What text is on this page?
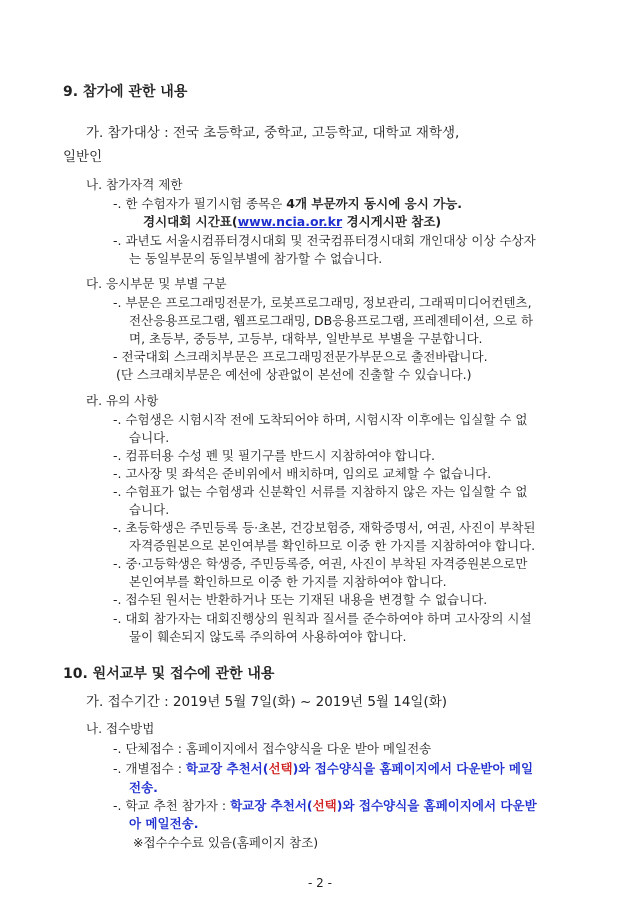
9. 참가에 관한 내용
가. 참가대상 : 전국 초등학교, 중학교, 고등학교, 대학교 재학생,
일반인
나. 참가자격 제한
-. 한 수험자가 필기시험 종목은 4개 부문까지 동시에 응시 가능.
경시대회 시간표(www.ncia.or.kr 경시게시판 참조)
-. 과년도 서울시컴퓨터경시대회 및 전국컴퓨터경시대회 개인대상 이상 수상자
는 동일부문의 동일부별에 참가할 수 없습니다.
다. 응시부문 및 부별 구분
-. 부문은 프로그래밍전문가, 로봇프로그래밍, 정보관리, 그래픽미디어컨텐츠,
전산응용프로그램, 웹프로그래밍, DB응용프로그램, 프레젠테이션, 으로 하
며, 초등부, 중등부, 고등부, 대학부, 일반부로 부별을 구분합니다.
- 전국대회 스크래치부문은 프로그래밍전문가부문으로 출전바랍니다.
(단 스크래치부문은 예선에 상관없이 본선에 진출할 수 있습니다.)
라. 유의 사항
-. 수험생은 시험시작 전에 도착되어야 하며, 시험시작 이후에는 입실할 수 없
습니다.
-. 컴퓨터용 수성 펜 및 필기구를 반드시 지참하여야 합니다.
-. 고사장 및 좌석은 준비위에서 배치하며, 임의로 교체할 수 없습니다.
-. 수험표가 없는 수험생과 신분확인 서류를 지참하지 않은 자는 입실할 수 없
습니다.
-. 초등학생은 주민등록 등·초본, 건강보험증, 재학증명서, 여권, 사진이 부착된
자격증원본으로 본인여부를 확인하므로 이중 한 가지를 지참하여야 합니다.
-. 중·고등학생은 학생증, 주민등록증, 여권, 사진이 부착된 자격증원본으로만
본인여부를 확인하므로 이중 한 가지를 지참하여야 합니다.
-. 접수된 원서는 반환하거나 또는 기재된 내용을 변경할 수 없습니다.
-. 대회 참가자는 대회진행상의 원칙과 질서를 준수하여야 하며 고사장의 시설
물이 훼손되지 않도록 주의하여 사용하여야 합니다.
10. 원서교부 및 접수에 관한 내용
가. 접수기간 : 2019년 5월 7일(화) ~ 2019년 5월 14일(화)
나. 접수방법
-. 단체접수 : 홈페이지에서 접수양식을 다운 받아 메일전송
-. 개별접수 : 학교장 추천서(선택)와 접수양식을 홈페이지에서 다운받아 메일
전송.
-. 학교 추천 참가자 : 학교장 추천서(선택)와 접수양식을 홈페이지에서 다운받
아 메일전송.
※접수수수료 있음(홈페이지 참조)
- 2 -
